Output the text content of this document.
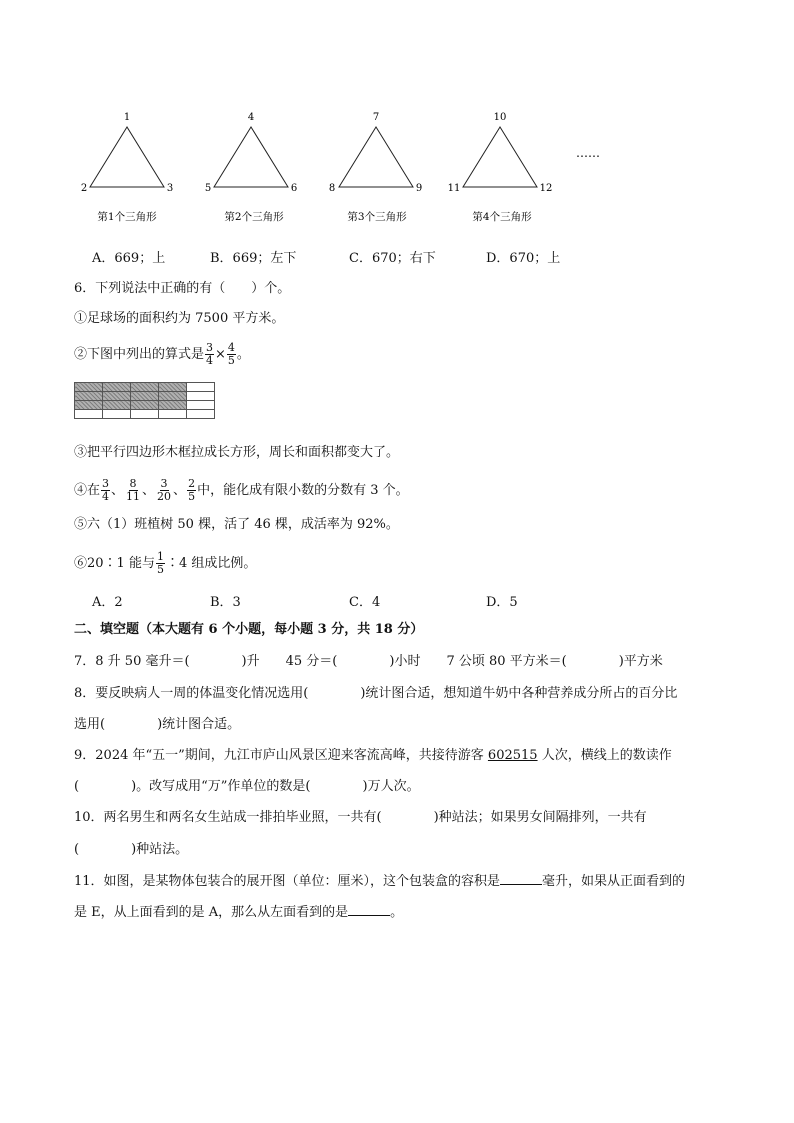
1
2	3
第1个三角形
4
5	6
第2个三角形
7
8	9
第3个三角形
10
11	12
第4个三角形
……
A．669；上	B．669；左下	C．670；右下	D．670；上
6．下列说法中正确的有（　　）个。
①足球场的面积约为 7500 平方米。
②下图中列出的算式是 $\frac{3}{4} \times \frac{4}{5}$ 。

③把平行四边形木框拉成长方形，周长和面积都变大了。
④在 $\frac{3}{4}$ 、 $\frac{8}{11}$ 、 $\frac{3}{20}$ 、 $\frac{2}{5}$ 中，能化成有限小数的分数有 3 个。
⑤六（1）班植树 50 棵，活了 46 棵，成活率为 92%。
⑥20∶1 能与 $\frac{1}{5}$ ∶4 组成比例。
A．2	B．3	C．4	D．5
二、填空题（本大题有 6 个小题，每小题 3 分，共 18 分）
7．8 升 50 毫升＝(　　　　)升　　45 分＝(　　　　)小时　　7 公顷 80 平方米＝(　　　　)平方米
8．要反映病人一周的体温变化情况选用(　　　　)统计图合适，想知道牛奶中各种营养成分所占的百分比
选用(　　　　)统计图合适。
9．2024 年“五一”期间，九江市庐山风景区迎来客流高峰，共接待游客 602515 人次，横线上的数读作
(　　　　)。改写成用“万”作单位的数是(　　　　)万人次。
10．两名男生和两名女生站成一排拍毕业照，一共有(　　　　)种站法；如果男女间隔排列，一共有
(　　　　)种站法。
11．如图，是某物体包装合的展开图（单位：厘米），这个包装盒的容积是	毫升，如果从正面看到的
是 E，从上面看到的是 A，那么从左面看到的是	。
